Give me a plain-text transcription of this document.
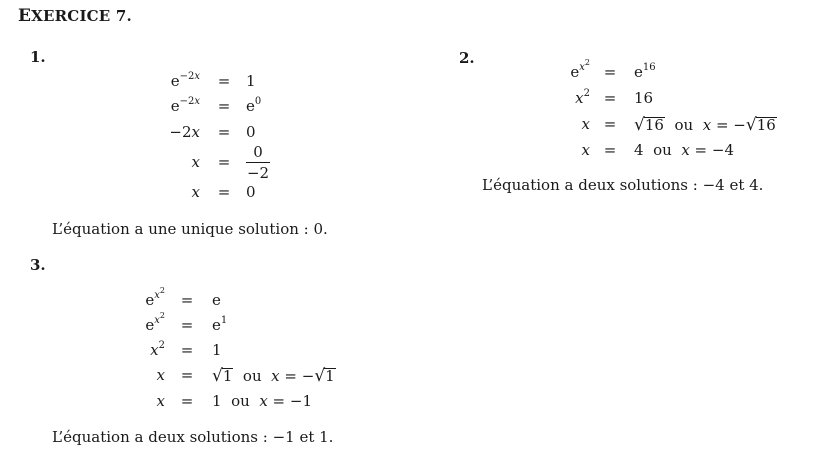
EXERCICE 7.
1.
$e^{-2x} = 1$
$e^{-2x} = e^0$
−2x = 0
x =
0
−2
x = 0
L’équation a une unique solution : 0.
2.
$e^{x^2}$
= $e^{16}$
$x^2 = 16$
x = √16  ou  x = −√16
x = 4  ou  x = −4
L’équation a deux solutions : −4 et 4.
3.
$e^{x^2}$
= e
$e^{x^2}$
= $e^1$
$x^2 = 1$
x = √1  ou  x = −√1
x = 1  ou  x = −1
L’équation a deux solutions : −1 et 1.
